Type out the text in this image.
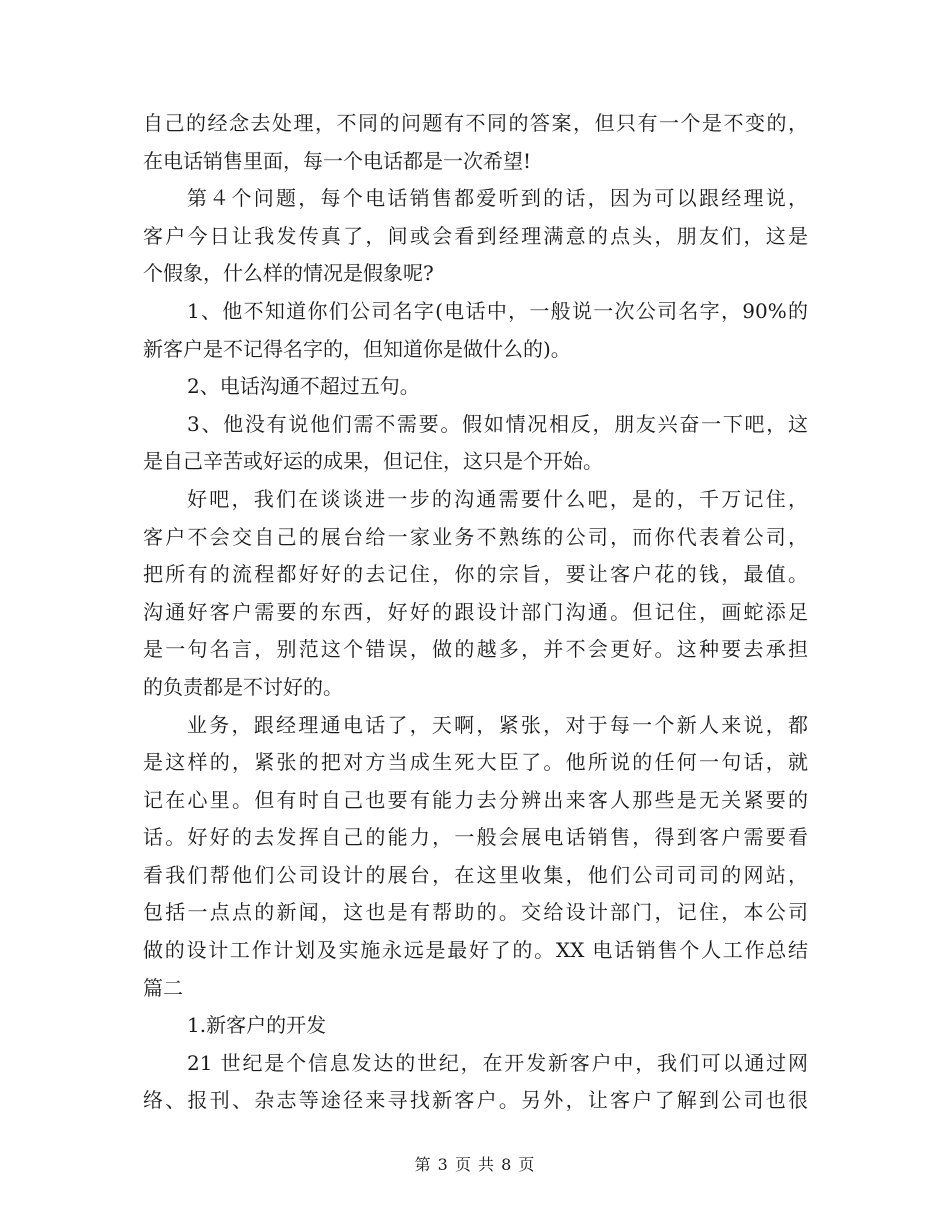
自己的经念去处理，不同的问题有不同的答案，但只有一个是不变的，
在电话销售里面，每一个电话都是一次希望!
第４个问题，每个电话销售都爱听到的话，因为可以跟经理说，
客户今日让我发传真了，间或会看到经理满意的点头，朋友们，这是
个假象，什么样的情况是假象呢?
1、他不知道你们公司名字(电话中，一般说一次公司名字，90%的
新客户是不记得名字的，但知道你是做什么的)。
2、电话沟通不超过五句。
3、他没有说他们需不需要。假如情况相反，朋友兴奋一下吧，这
是自己辛苦或好运的成果，但记住，这只是个开始。
好吧，我们在谈谈进一步的沟通需要什么吧，是的，千万记住，
客户不会交自己的展台给一家业务不熟练的公司，而你代表着公司，
把所有的流程都好好的去记住，你的宗旨，要让客户花的钱，最值。
沟通好客户需要的东西，好好的跟设计部门沟通。但记住，画蛇添足
是一句名言，别范这个错误，做的越多，并不会更好。这种要去承担
的负责都是不讨好的。
业务，跟经理通电话了，天啊，紧张，对于每一个新人来说，都
是这样的，紧张的把对方当成生死大臣了。他所说的任何一句话，就
记在心里。但有时自己也要有能力去分辨出来客人那些是无关紧要的
话。好好的去发挥自己的能力，一般会展电话销售，得到客户需要看
看我们帮他们公司设计的展台，在这里收集，他们公司司司的网站，
包括一点点的新闻，这也是有帮助的。交给设计部门，记住，本公司
做的设计工作计划及实施永远是最好了的。XX 电话销售个人工作总结
篇二
1.新客户的开发
21 世纪是个信息发达的世纪，在开发新客户中，我们可以通过网
络、报刊、杂志等途径来寻找新客户。另外，让客户了解到公司也很
第 3 页 共 8 页
